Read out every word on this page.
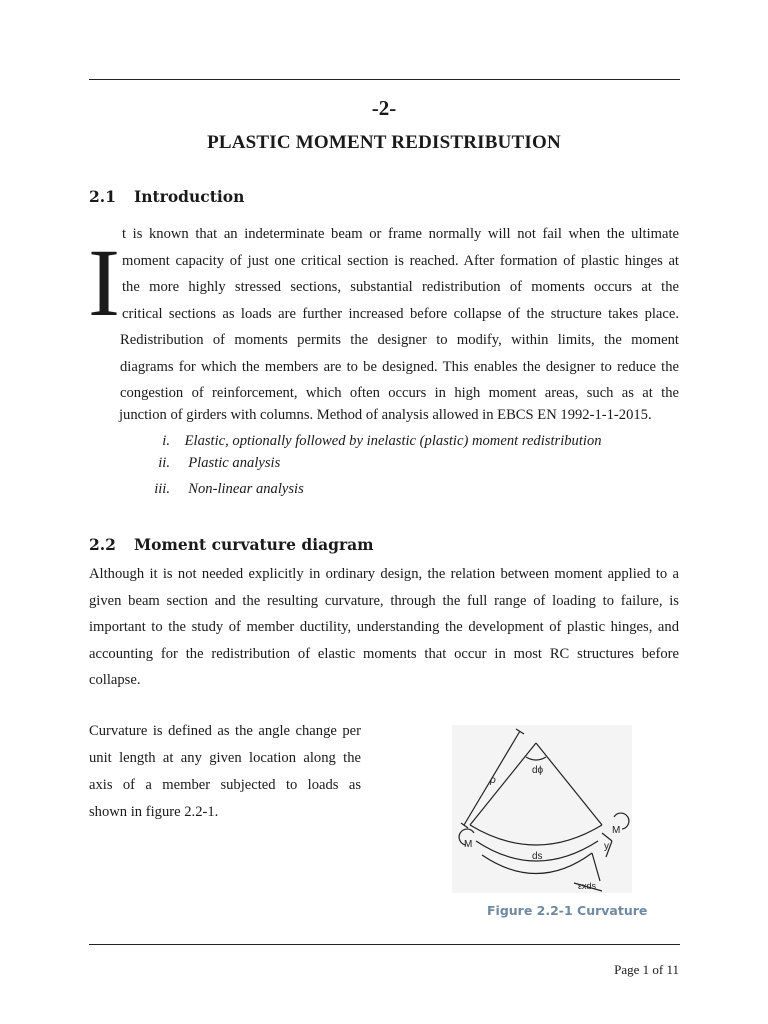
-2-
PLASTIC MOMENT REDISTRIBUTION
2.1 Introduction
I t is known that an indeterminate beam or frame normally will not fail when the ultimate
moment capacity of just one critical section is reached. After formation of plastic hinges at
the more highly stressed sections, substantial redistribution of moments occurs at the
critical sections as loads are further increased before collapse of the structure takes place.
Redistribution of moments permits the designer to modify, within limits, the moment
diagrams for which the members are to be designed. This enables the designer to reduce the
congestion of reinforcement, which often occurs in high moment areas, such as at the
junction of girders with columns. Method of analysis allowed in EBCS EN 1992-1-1-2015.
i. Elastic, optionally followed by inelastic (plastic) moment redistribution
ii. Plastic analysis
iii. Non-linear analysis
2.2 Moment curvature diagram
Although it is not needed explicitly in ordinary design, the relation between moment applied to a
given beam section and the resulting curvature, through the full range of loading to failure, is
important to the study of member ductility, understanding the development of plastic hinges, and
accounting for the redistribution of elastic moments that occur in most RC structures before
collapse.
Curvature is defined as the angle change per
unit length at any given location along the
axis of a member subjected to loads as
shown in figure 2.2-1.
ρ
dϕ
ds
y
εxds
M
M
Figure 2.2-1 Curvature
Page 1 of 11
